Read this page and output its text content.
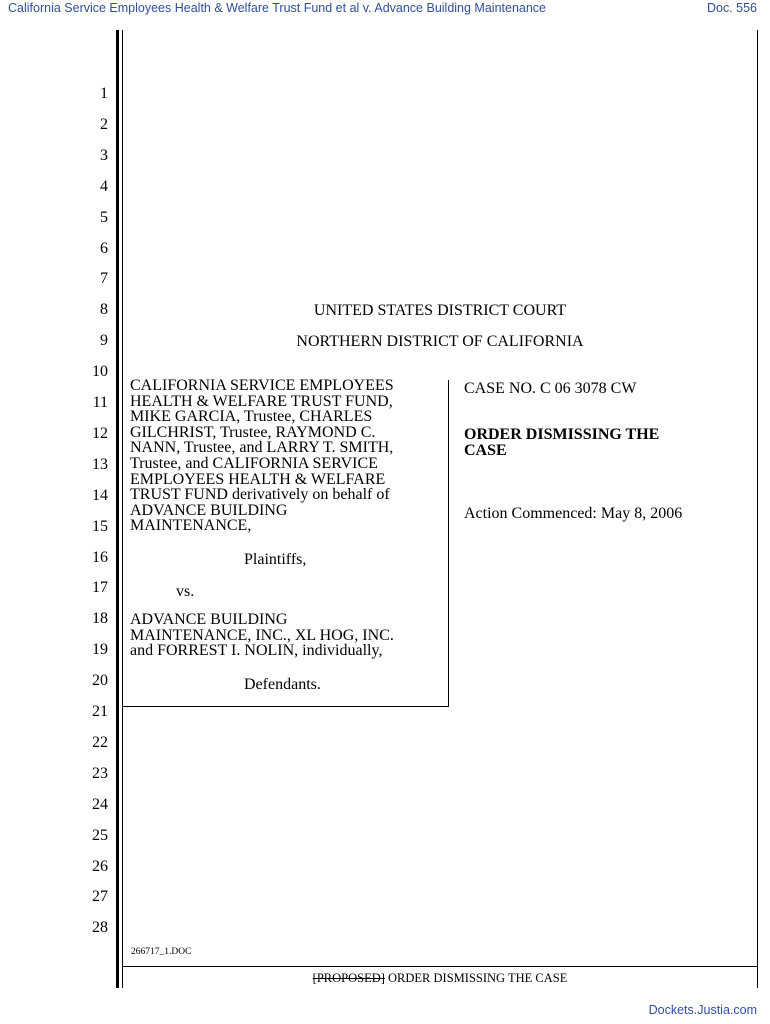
California Service Employees Health & Welfare Trust Fund et al v. Advance Building Maintenance	Doc. 556
1
2
3
4
5
6
7
8
9
10
11
12
13
14
15
16
17
18
19
20
21
22
23
24
25
26
27
28
UNITED STATES DISTRICT COURT
NORTHERN DISTRICT OF CALIFORNIA
CALIFORNIA SERVICE EMPLOYEES
HEALTH & WELFARE TRUST FUND,
MIKE GARCIA, Trustee, CHARLES
GILCHRIST, Trustee, RAYMOND C.
NANN, Trustee, and LARRY T. SMITH,
Trustee, and CALIFORNIA SERVICE
EMPLOYEES HEALTH & WELFARE
TRUST FUND derivatively on behalf of
ADVANCE BUILDING
MAINTENANCE,
Plaintiffs,
vs.
ADVANCE BUILDING
MAINTENANCE, INC., XL HOG, INC.
and FORREST I. NOLIN, individually,
Defendants.
CASE NO. C 06 3078 CW
ORDER DISMISSING THE
CASE
Action Commenced: May 8, 2006
266717_1.DOC
[PROPOSED] ORDER DISMISSING THE CASE
Dockets.Justia.com
